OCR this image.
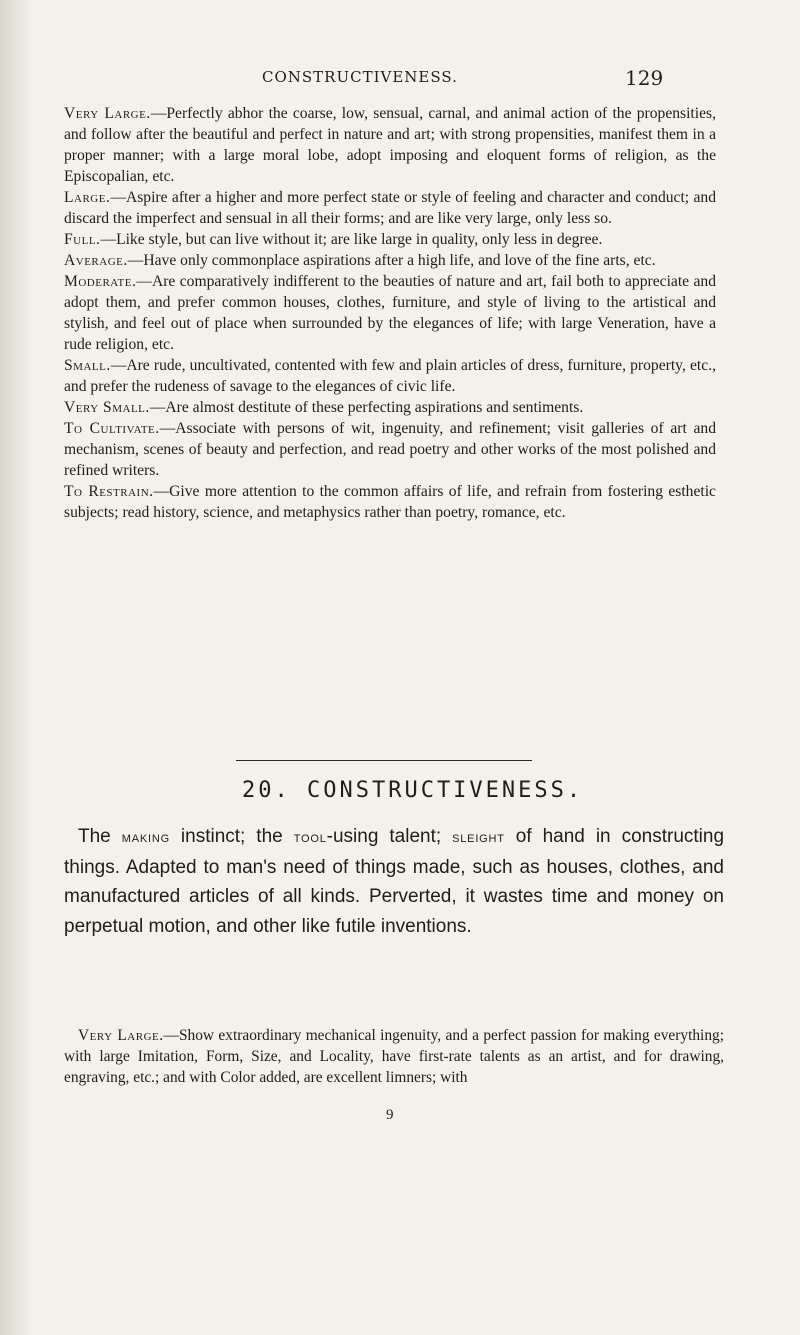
CONSTRUCTIVENESS.	129

Very Large.—Perfectly abhor the coarse, low, sensual, carnal, and animal action of the propensities, and follow after the beautiful and perfect in nature and art; with strong propensities, manifest them in a proper manner; with a large moral lobe, adopt imposing and eloquent forms of religion, as the Episcopalian, etc.

Large.—Aspire after a higher and more perfect state or style of feeling and character and conduct; and discard the imperfect and sensual in all their forms; and are like very large, only less so.

Full.—Like style, but can live without it; are like large in quality, only less in degree.

Average.—Have only commonplace aspirations after a high life, and love of the fine arts, etc.

Moderate.—Are comparatively indifferent to the beauties of nature and art, fail both to appreciate and adopt them, and prefer common houses, clothes, furniture, and style of living to the artistical and stylish, and feel out of place when surrounded by the elegances of life; with large Veneration, have a rude religion, etc.

Small.—Are rude, uncultivated, contented with few and plain articles of dress, furniture, property, etc., and prefer the rudeness of savage to the elegances of civic life.

Very Small.—Are almost destitute of these perfecting aspirations and sentiments.

To Cultivate.—Associate with persons of wit, ingenuity, and refinement; visit galleries of art and mechanism, scenes of beauty and perfection, and read poetry and other works of the most polished and refined writers.

To Restrain.—Give more attention to the common affairs of life, and refrain from fostering esthetic subjects; read history, science, and metaphysics rather than poetry, romance, etc.

20. CONSTRUCTIVENESS.

The making instinct; the tool-using talent; sleight of hand in constructing things. Adapted to man's need of things made, such as houses, clothes, and manufactured articles of all kinds. Perverted, it wastes time and money on perpetual motion, and other like futile inventions.

Very Large.—Show extraordinary mechanical ingenuity, and a perfect passion for making everything; with large Imitation, Form, Size, and Locality, have first-rate talents as an artist, and for drawing, engraving, etc.; and with Color added, are excellent limners; with

9
